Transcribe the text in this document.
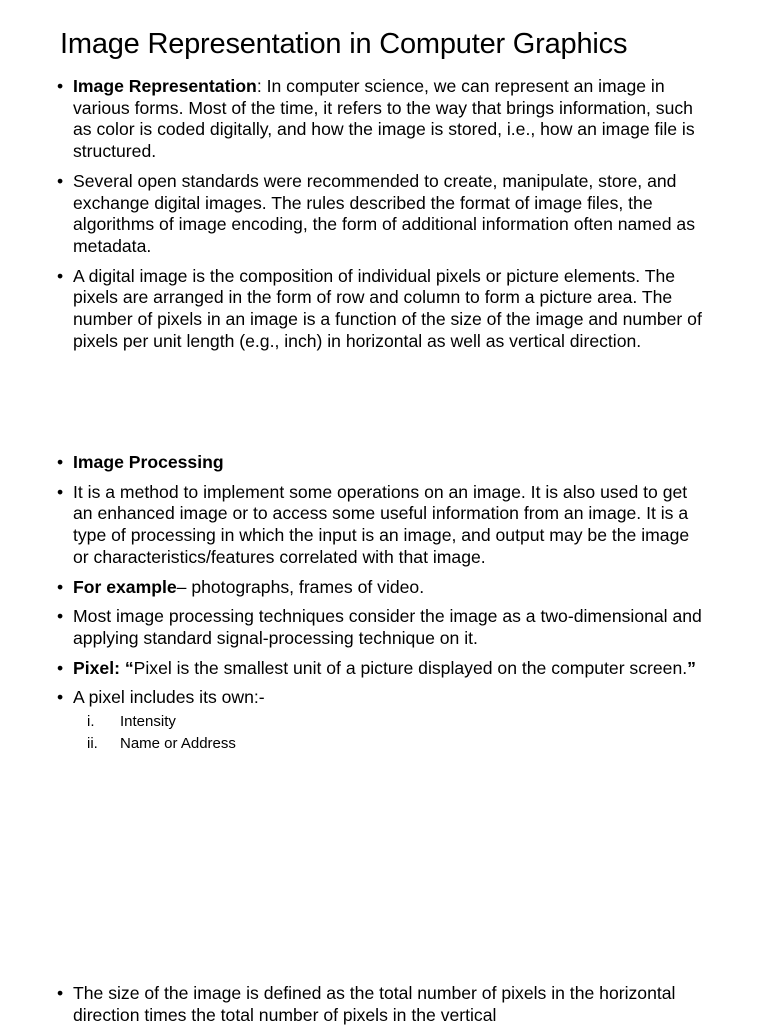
Image Representation in Computer Graphics
• Image Representation: In computer science, we can represent an image in various forms. Most of the time, it refers to the way that brings information, such as color is coded digitally, and how the image is stored, i.e., how an image file is structured.
• Several open standards were recommended to create, manipulate, store, and exchange digital images. The rules described the format of image files, the algorithms of image encoding, the form of additional information often named as metadata.
• A digital image is the composition of individual pixels or picture elements. The pixels are arranged in the form of row and column to form a picture area. The number of pixels in an image is a function of the size of the image and number of pixels per unit length (e.g., inch) in horizontal as well as vertical direction.
• Image Processing
• It is a method to implement some operations on an image. It is also used to get an enhanced image or to access some useful information from an image. It is a type of processing in which the input is an image, and output may be the image or characteristics/features correlated with that image.
• For example– photographs, frames of video.
• Most image processing techniques consider the image as a two-dimensional and applying standard signal-processing technique on it.
• Pixel: “Pixel is the smallest unit of a picture displayed on the computer screen.”
• A pixel includes its own:-
i. Intensity
ii. Name or Address
• The size of the image is defined as the total number of pixels in the horizontal direction times the total number of pixels in the vertical
